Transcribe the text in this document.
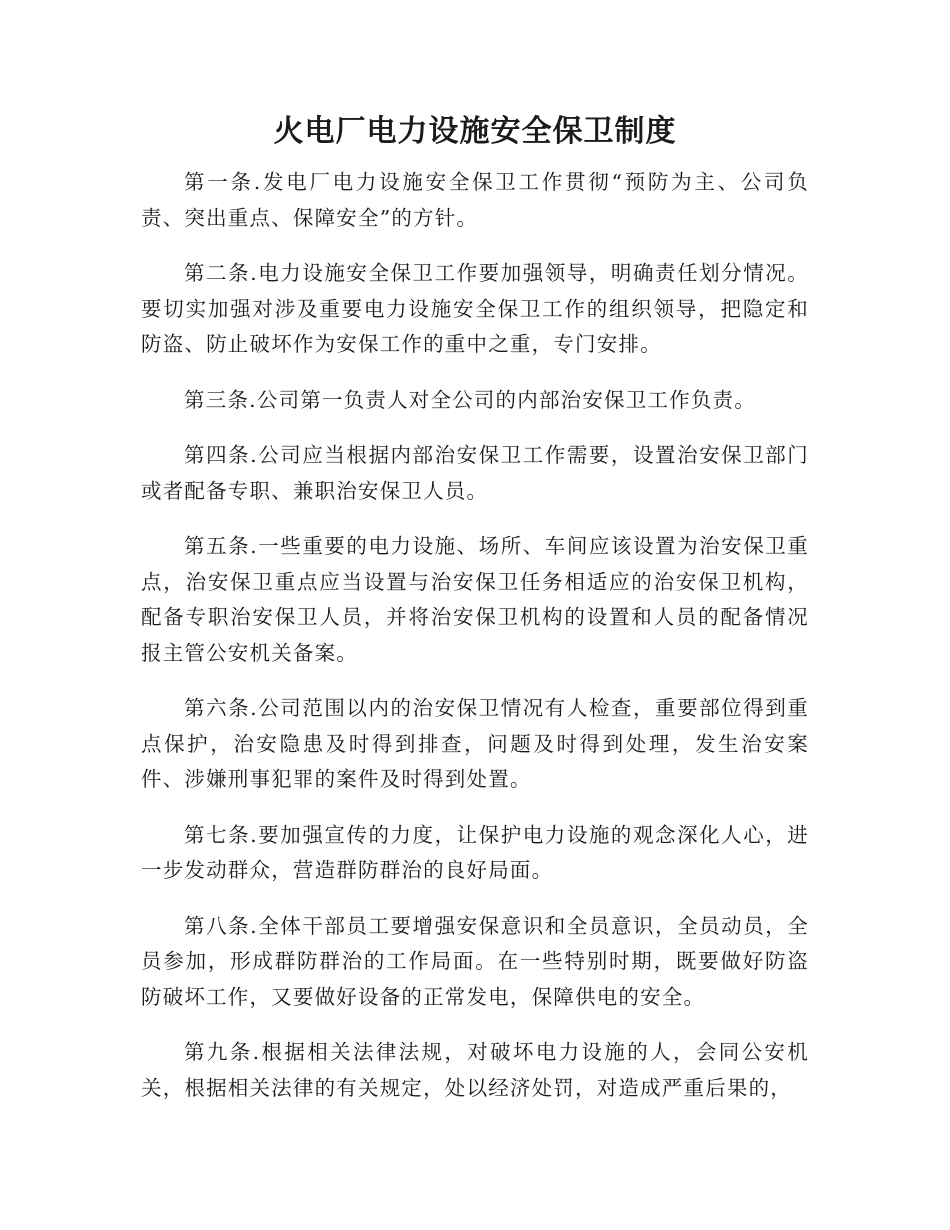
火电厂电力设施安全保卫制度

第一条.发电厂电力设施安全保卫工作贯彻“预防为主、公司负责、突出重点、保障安全”的方针。

第二条.电力设施安全保卫工作要加强领导，明确责任划分情况。要切实加强对涉及重要电力设施安全保卫工作的组织领导，把隐定和防盗、防止破坏作为安保工作的重中之重，专门安排。

第三条.公司第一负责人对全公司的内部治安保卫工作负责。

第四条.公司应当根据内部治安保卫工作需要，设置治安保卫部门或者配备专职、兼职治安保卫人员。

第五条.一些重要的电力设施、场所、车间应该设置为治安保卫重点，治安保卫重点应当设置与治安保卫任务相适应的治安保卫机构，配备专职治安保卫人员，并将治安保卫机构的设置和人员的配备情况报主管公安机关备案。

第六条.公司范围以内的治安保卫情况有人检查，重要部位得到重点保护，治安隐患及时得到排查，问题及时得到处理，发生治安案件、涉嫌刑事犯罪的案件及时得到处置。

第七条.要加强宣传的力度，让保护电力设施的观念深化人心，进一步发动群众，营造群防群治的良好局面。

第八条.全体干部员工要增强安保意识和全员意识，全员动员，全员参加，形成群防群治的工作局面。在一些特别时期，既要做好防盗防破坏工作，又要做好设备的正常发电，保障供电的安全。

第九条.根据相关法律法规，对破坏电力设施的人，会同公安机关，根据相关法律的有关规定，处以经济处罚，对造成严重后果的，
